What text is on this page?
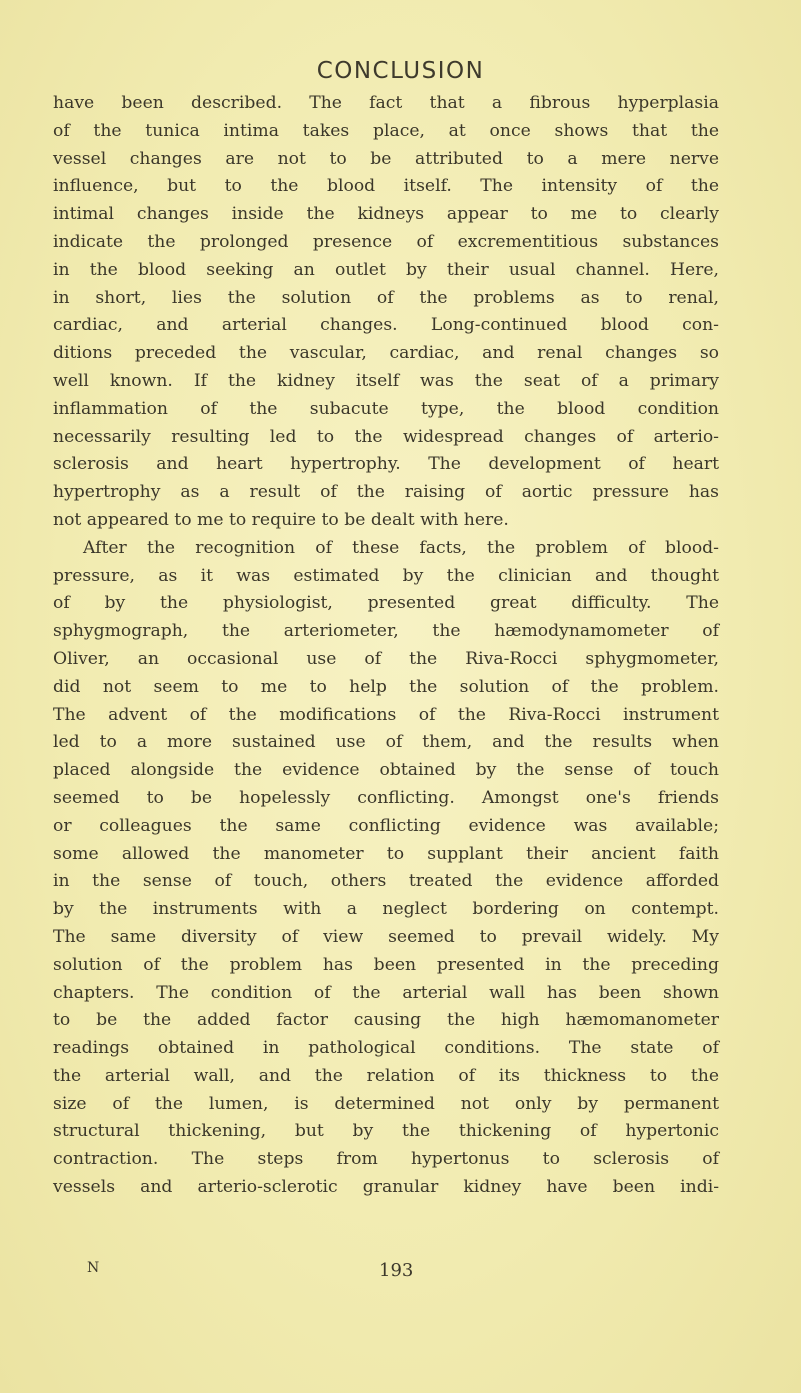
CONCLUSION
have been described. The fact that a fibrous hyperplasia
of the tunica intima takes place, at once shows that the
vessel changes are not to be attributed to a mere nerve
influence, but to the blood itself. The intensity of the
intimal changes inside the kidneys appear to me to clearly
indicate the prolonged presence of excrementitious substances
in the blood seeking an outlet by their usual channel. Here,
in short, lies the solution of the problems as to renal,
cardiac, and arterial changes. Long-continued blood con-
ditions preceded the vascular, cardiac, and renal changes so
well known. If the kidney itself was the seat of a primary
inflammation of the subacute type, the blood condition
necessarily resulting led to the widespread changes of arterio-
sclerosis and heart hypertrophy. The development of heart
hypertrophy as a result of the raising of aortic pressure has
not appeared to me to require to be dealt with here.
After the recognition of these facts, the problem of blood-
pressure, as it was estimated by the clinician and thought
of by the physiologist, presented great difficulty. The
sphygmograph, the arteriometer, the hæmodynamometer of
Oliver, an occasional use of the Riva-Rocci sphygmometer,
did not seem to me to help the solution of the problem.
The advent of the modifications of the Riva-Rocci instrument
led to a more sustained use of them, and the results when
placed alongside the evidence obtained by the sense of touch
seemed to be hopelessly conflicting. Amongst one's friends
or colleagues the same conflicting evidence was available;
some allowed the manometer to supplant their ancient faith
in the sense of touch, others treated the evidence afforded
by the instruments with a neglect bordering on contempt.
The same diversity of view seemed to prevail widely. My
solution of the problem has been presented in the preceding
chapters. The condition of the arterial wall has been shown
to be the added factor causing the high hæmomanometer
readings obtained in pathological conditions. The state of
the arterial wall, and the relation of its thickness to the
size of the lumen, is determined not only by permanent
structural thickening, but by the thickening of hypertonic
contraction. The steps from hypertonus to sclerosis of
vessels and arterio-sclerotic granular kidney have been indi-
N	193
